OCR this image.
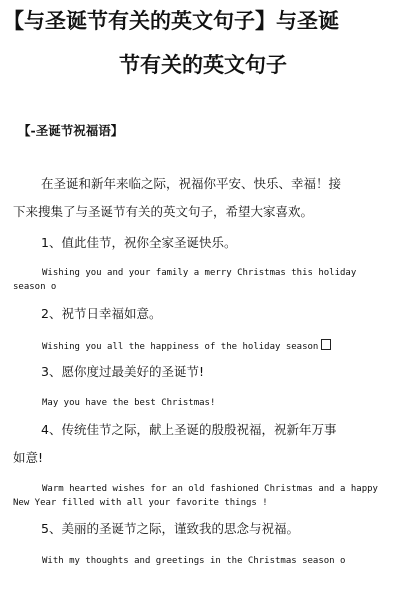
【与圣诞节有关的英文句子】与圣诞
节有关的英文句子
【-圣诞节祝福语】
在圣诞和新年来临之际，祝福你平安、快乐、幸福！接
下来搜集了与圣诞节有关的英文句子，希望大家喜欢。
1、值此佳节，祝你全家圣诞快乐。
Wishing you and your family a merry Christmas this holiday
season o
2、祝节日幸福如意。
Wishing you all the happiness of the holiday season
3、愿你度过最美好的圣诞节!
May you have the best Christmas!
4、传统佳节之际，献上圣诞的殷殷祝福，祝新年万事
如意!
Warm hearted wishes for an old fashioned Christmas and a happy
New Year filled with all your favorite things !
5、美丽的圣诞节之际，谨致我的思念与祝福。
With my thoughts and greetings in the Christmas season o
